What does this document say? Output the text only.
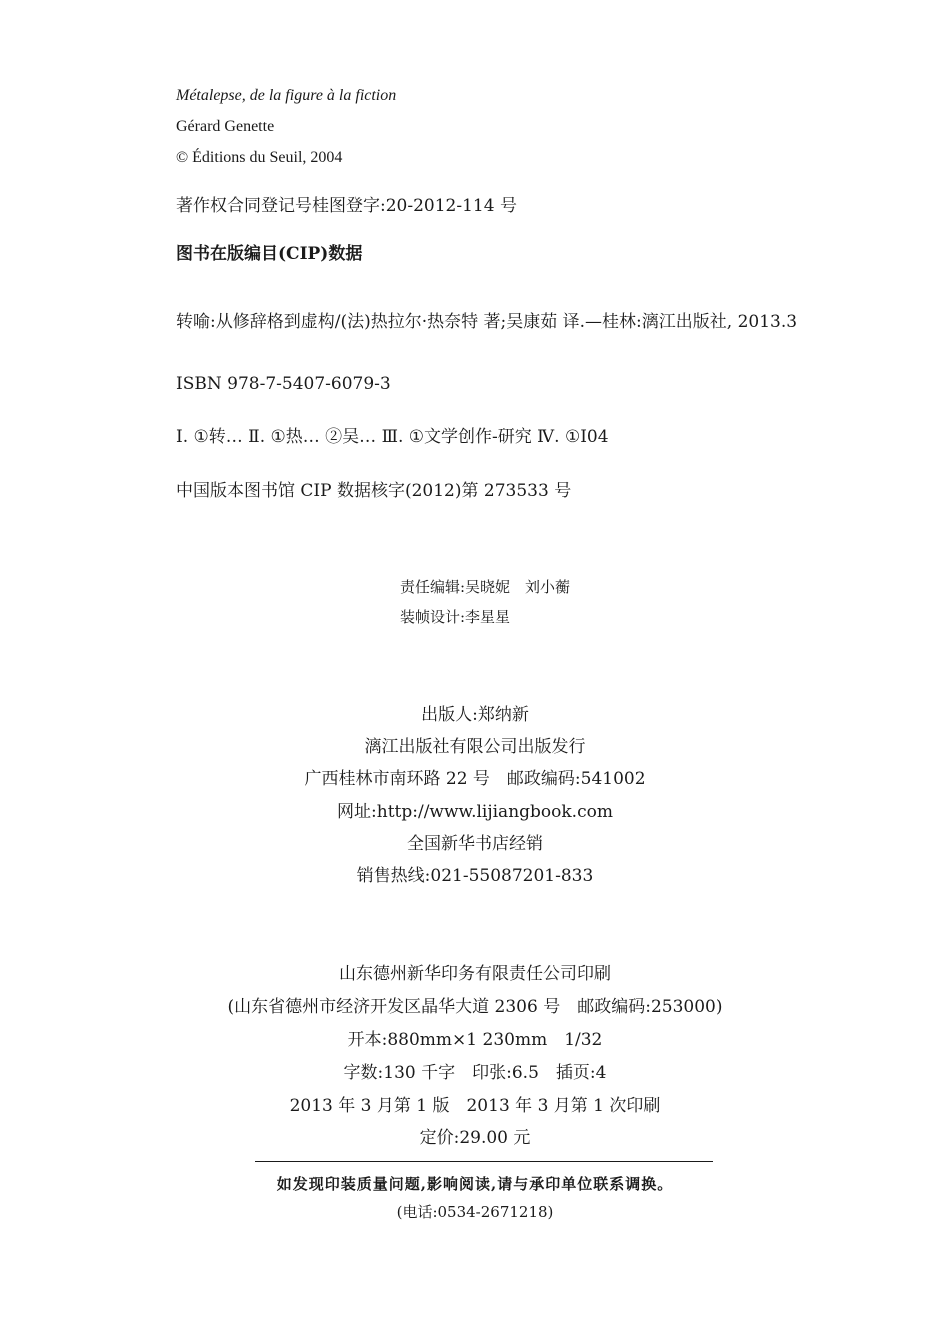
Métalepse, de la figure à la fiction
Gérard Genette
© Éditions du Seuil, 2004
著作权合同登记号桂图登字:20-2012-114 号
图书在版编目(CIP)数据
转喻:从修辞格到虚构/(法)热拉尔·热奈特 著;吴康茹 译.—桂林:漓江出版社, 2013.3
ISBN 978-7-5407-6079-3
Ⅰ. ①转… Ⅱ. ①热… ②吴… Ⅲ. ①文学创作-研究 Ⅳ. ①I04
中国版本图书馆 CIP 数据核字(2012)第 273533 号
责任编辑:吴晓妮　刘小蘅
装帧设计:李星星
出版人:郑纳新
漓江出版社有限公司出版发行
广西桂林市南环路 22 号　邮政编码:541002
网址:http://www.lijiangbook.com
全国新华书店经销
销售热线:021-55087201-833
山东德州新华印务有限责任公司印刷
(山东省德州市经济开发区晶华大道 2306 号　邮政编码:253000)
开本:880mm×1 230mm　1/32
字数:130 千字　印张:6.5　插页:4
2013 年 3 月第 1 版　2013 年 3 月第 1 次印刷
定价:29.00 元
如发现印装质量问题,影响阅读,请与承印单位联系调换。
(电话:0534-2671218)
